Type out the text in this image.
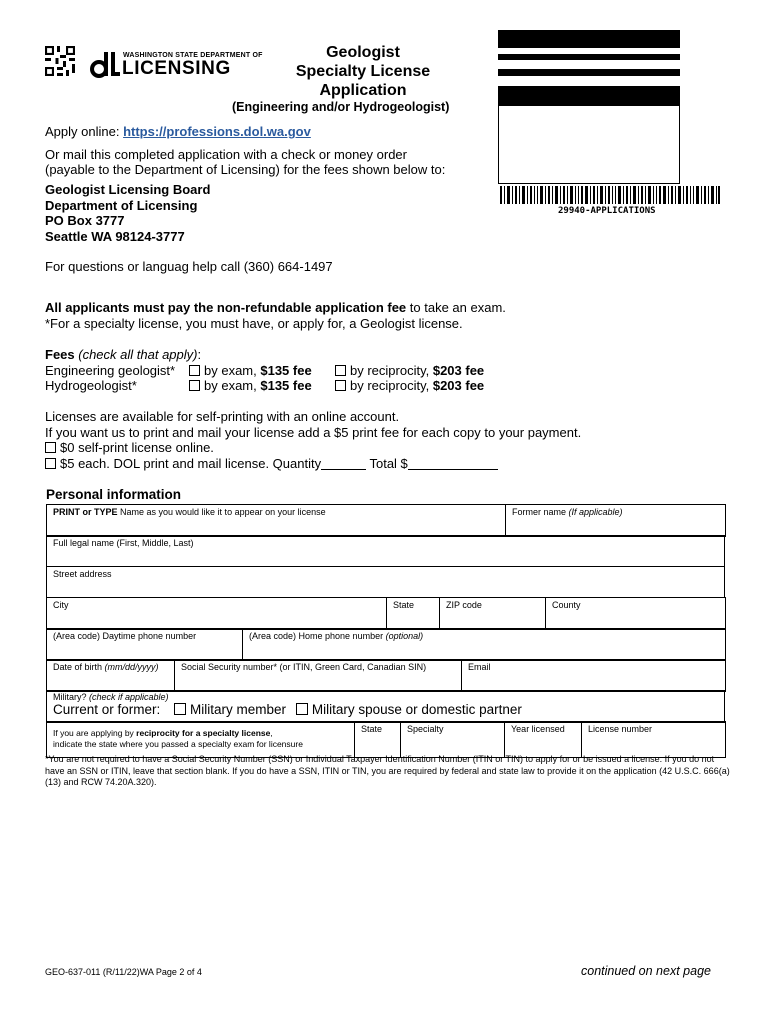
WASHINGTON STATE DEPARTMENT OF
LICENSING
Geologist
Specialty License
Application
(Engineering and/or Hydrogeologist)
29940-APPLICATIONS
Apply online: https://professions.dol.wa.gov
Or mail this completed application with a check or money order
(payable to the Department of Licensing) for the fees shown below to:
Geologist Licensing Board
Department of Licensing
PO Box 3777
Seattle WA 98124-3777
For questions or languag help call (360) 664-1497
All applicants must pay the non-refundable application fee to take an exam.
*For a specialty license, you must have, or apply for, a Geologist license.
Fees (check all that apply):
Engineering geologist*	by exam, $135 fee	by reciprocity, $203 fee
Hydrogeologist*	by exam, $135 fee	by reciprocity, $203 fee
Licenses are available for self-printing with an online account.
If you want us to print and mail your license add a $5 print fee for each copy to your payment.
$0 self-print license online.
$5 each. DOL print and mail license. Quantity	Total $
Personal information
PRINT or TYPE Name as you would like it to appear on your license	Former name (If applicable)
Full legal name (First, Middle, Last)
Street address
City	State	ZIP code	County
(Area code) Daytime phone number	(Area code) Home phone number (optional)
Date of birth (mm/dd/yyyy)	Social Security number* (or ITIN, Green Card, Canadian SIN)	Email
Military? (check if applicable)
Current or former: Military member Military spouse or domestic partner
If you are applying by reciprocity for a specialty license,
indicate the state where you passed a specialty exam for licensure
	State	Specialty	Year licensed	License number
*You are not required to have a Social Security Number (SSN) or Individual Taxpayer Identification Number (ITIN or TIN) to apply for or be issued a license. If you do not have an SSN or ITIN, leave that section blank. If you do have a SSN, ITIN or TIN, you are required by federal and state law to provide it on the application (42 U.S.C. 666(a)(13) and RCW 74.20A.320).
GEO-637-011 (R/11/22)WA Page 2 of 4	continued on next page
